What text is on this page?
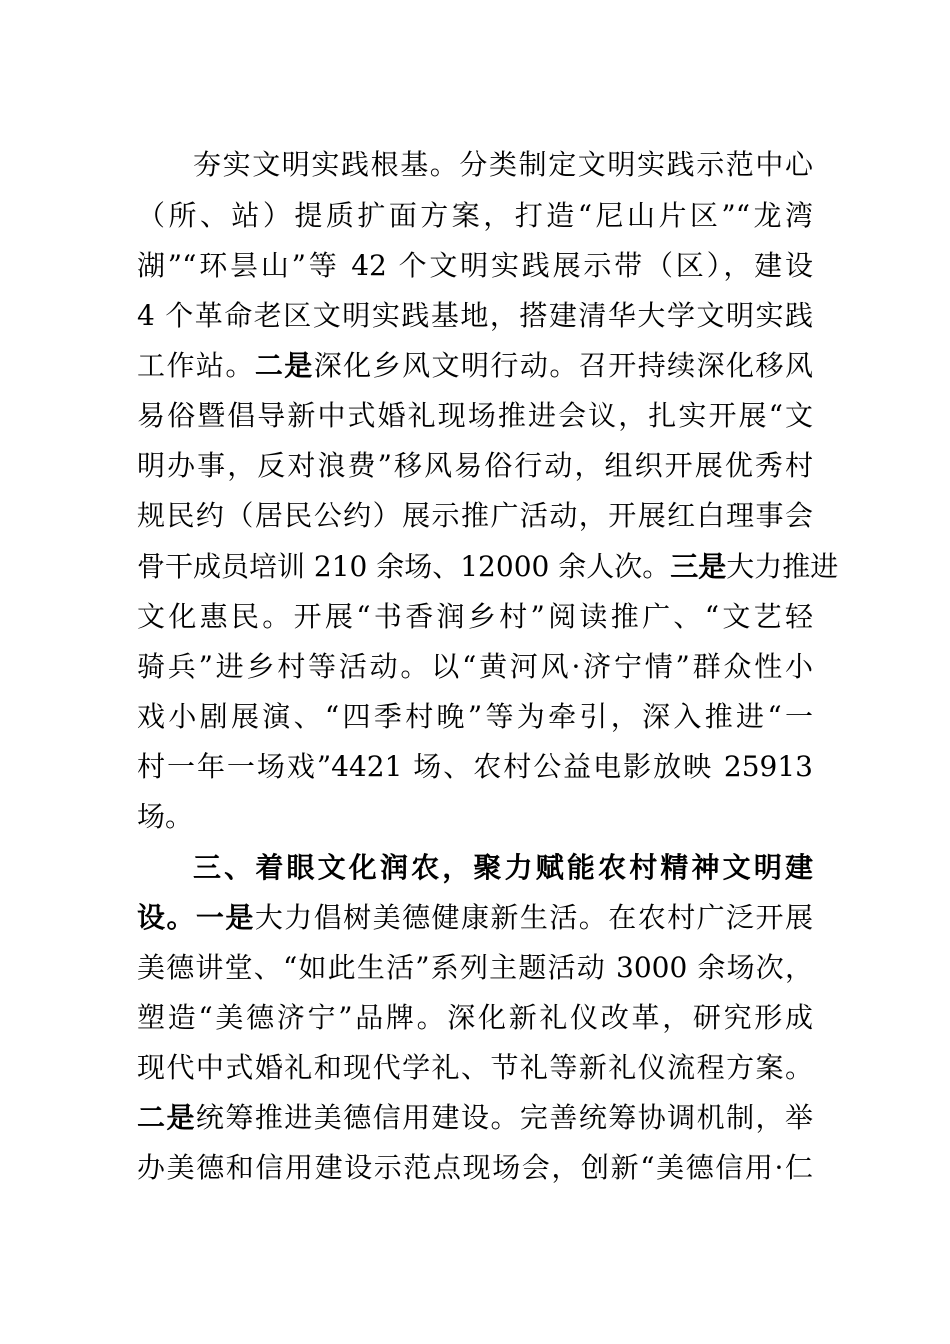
夯实文明实践根基。分类制定文明实践示范中心
（所、站）提质扩面方案，打造“尼山片区”“龙湾
湖”“环昙山”等 42 个文明实践展示带（区），建设
4 个革命老区文明实践基地，搭建清华大学文明实践
工作站。二是深化乡风文明行动。召开持续深化移风
易俗暨倡导新中式婚礼现场推进会议，扎实开展“文
明办事，反对浪费”移风易俗行动，组织开展优秀村
规民约（居民公约）展示推广活动，开展红白理事会
骨干成员培训 210 余场、12000 余人次。三是大力推进
文化惠民。开展“书香润乡村”阅读推广、“文艺轻
骑兵”进乡村等活动。以“黄河风·济宁情”群众性小
戏小剧展演、“四季村晚”等为牵引，深入推进“一
村一年一场戏”4421 场、农村公益电影放映 25913
场。
三、着眼文化润农，聚力赋能农村精神文明建
设。一是大力倡树美德健康新生活。在农村广泛开展
美德讲堂、“如此生活”系列主题活动 3000 余场次，
塑造“美德济宁”品牌。深化新礼仪改革，研究形成
现代中式婚礼和现代学礼、节礼等新礼仪流程方案。
二是统筹推进美德信用建设。完善统筹协调机制，举
办美德和信用建设示范点现场会，创新“美德信用·仁
